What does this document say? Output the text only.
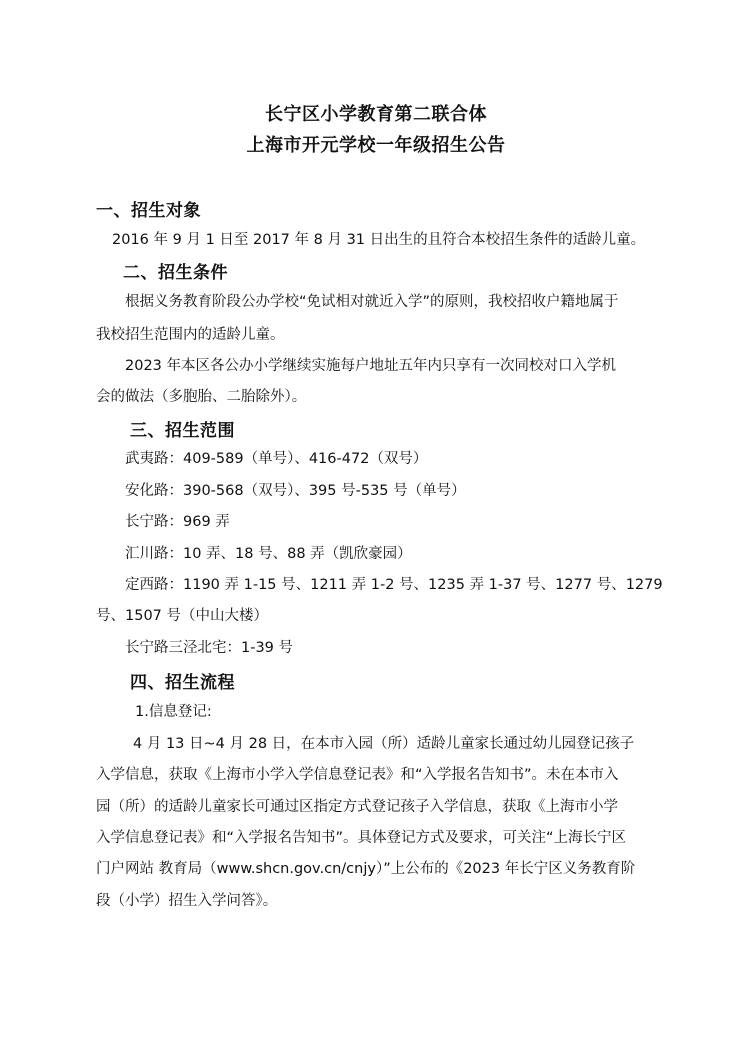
长宁区小学教育第二联合体
上海市开元学校一年级招生公告
一、招生对象
2016 年 9 月 1 日至 2017 年 8 月 31 日出生的且符合本校招生条件的适龄儿童。
二、招生条件
根据义务教育阶段公办学校“免试相对就近入学”的原则，我校招收户籍地属于
我校招生范围内的适龄儿童。
2023 年本区各公办小学继续实施每户地址五年内只享有一次同校对口入学机
会的做法（多胞胎、二胎除外）。
三、招生范围
武夷路：409-589（单号）、416-472（双号）
安化路：390-568（双号）、395 号-535 号（单号）
长宁路：969 弄
汇川路：10 弄、18 号、88 弄（凯欣豪园）
定西路：1190 弄 1-15 号、1211 弄 1-2 号、1235 弄 1-37 号、1277 号、1279
号、1507 号（中山大楼）
长宁路三泾北宅：1-39 号
四、招生流程
1.信息登记:
4 月 13 日~4 月 28 日，在本市入园（所）适龄儿童家长通过幼儿园登记孩子
入学信息，获取《上海市小学入学信息登记表》和“入学报名告知书”。未在本市入
园（所）的适龄儿童家长可通过区指定方式登记孩子入学信息，获取《上海市小学
入学信息登记表》和“入学报名告知书”。具体登记方式及要求，可关注“上海长宁区
门户网站 教育局（www.shcn.gov.cn/cnjy）”上公布的《2023 年长宁区义务教育阶
段（小学）招生入学问答》。
